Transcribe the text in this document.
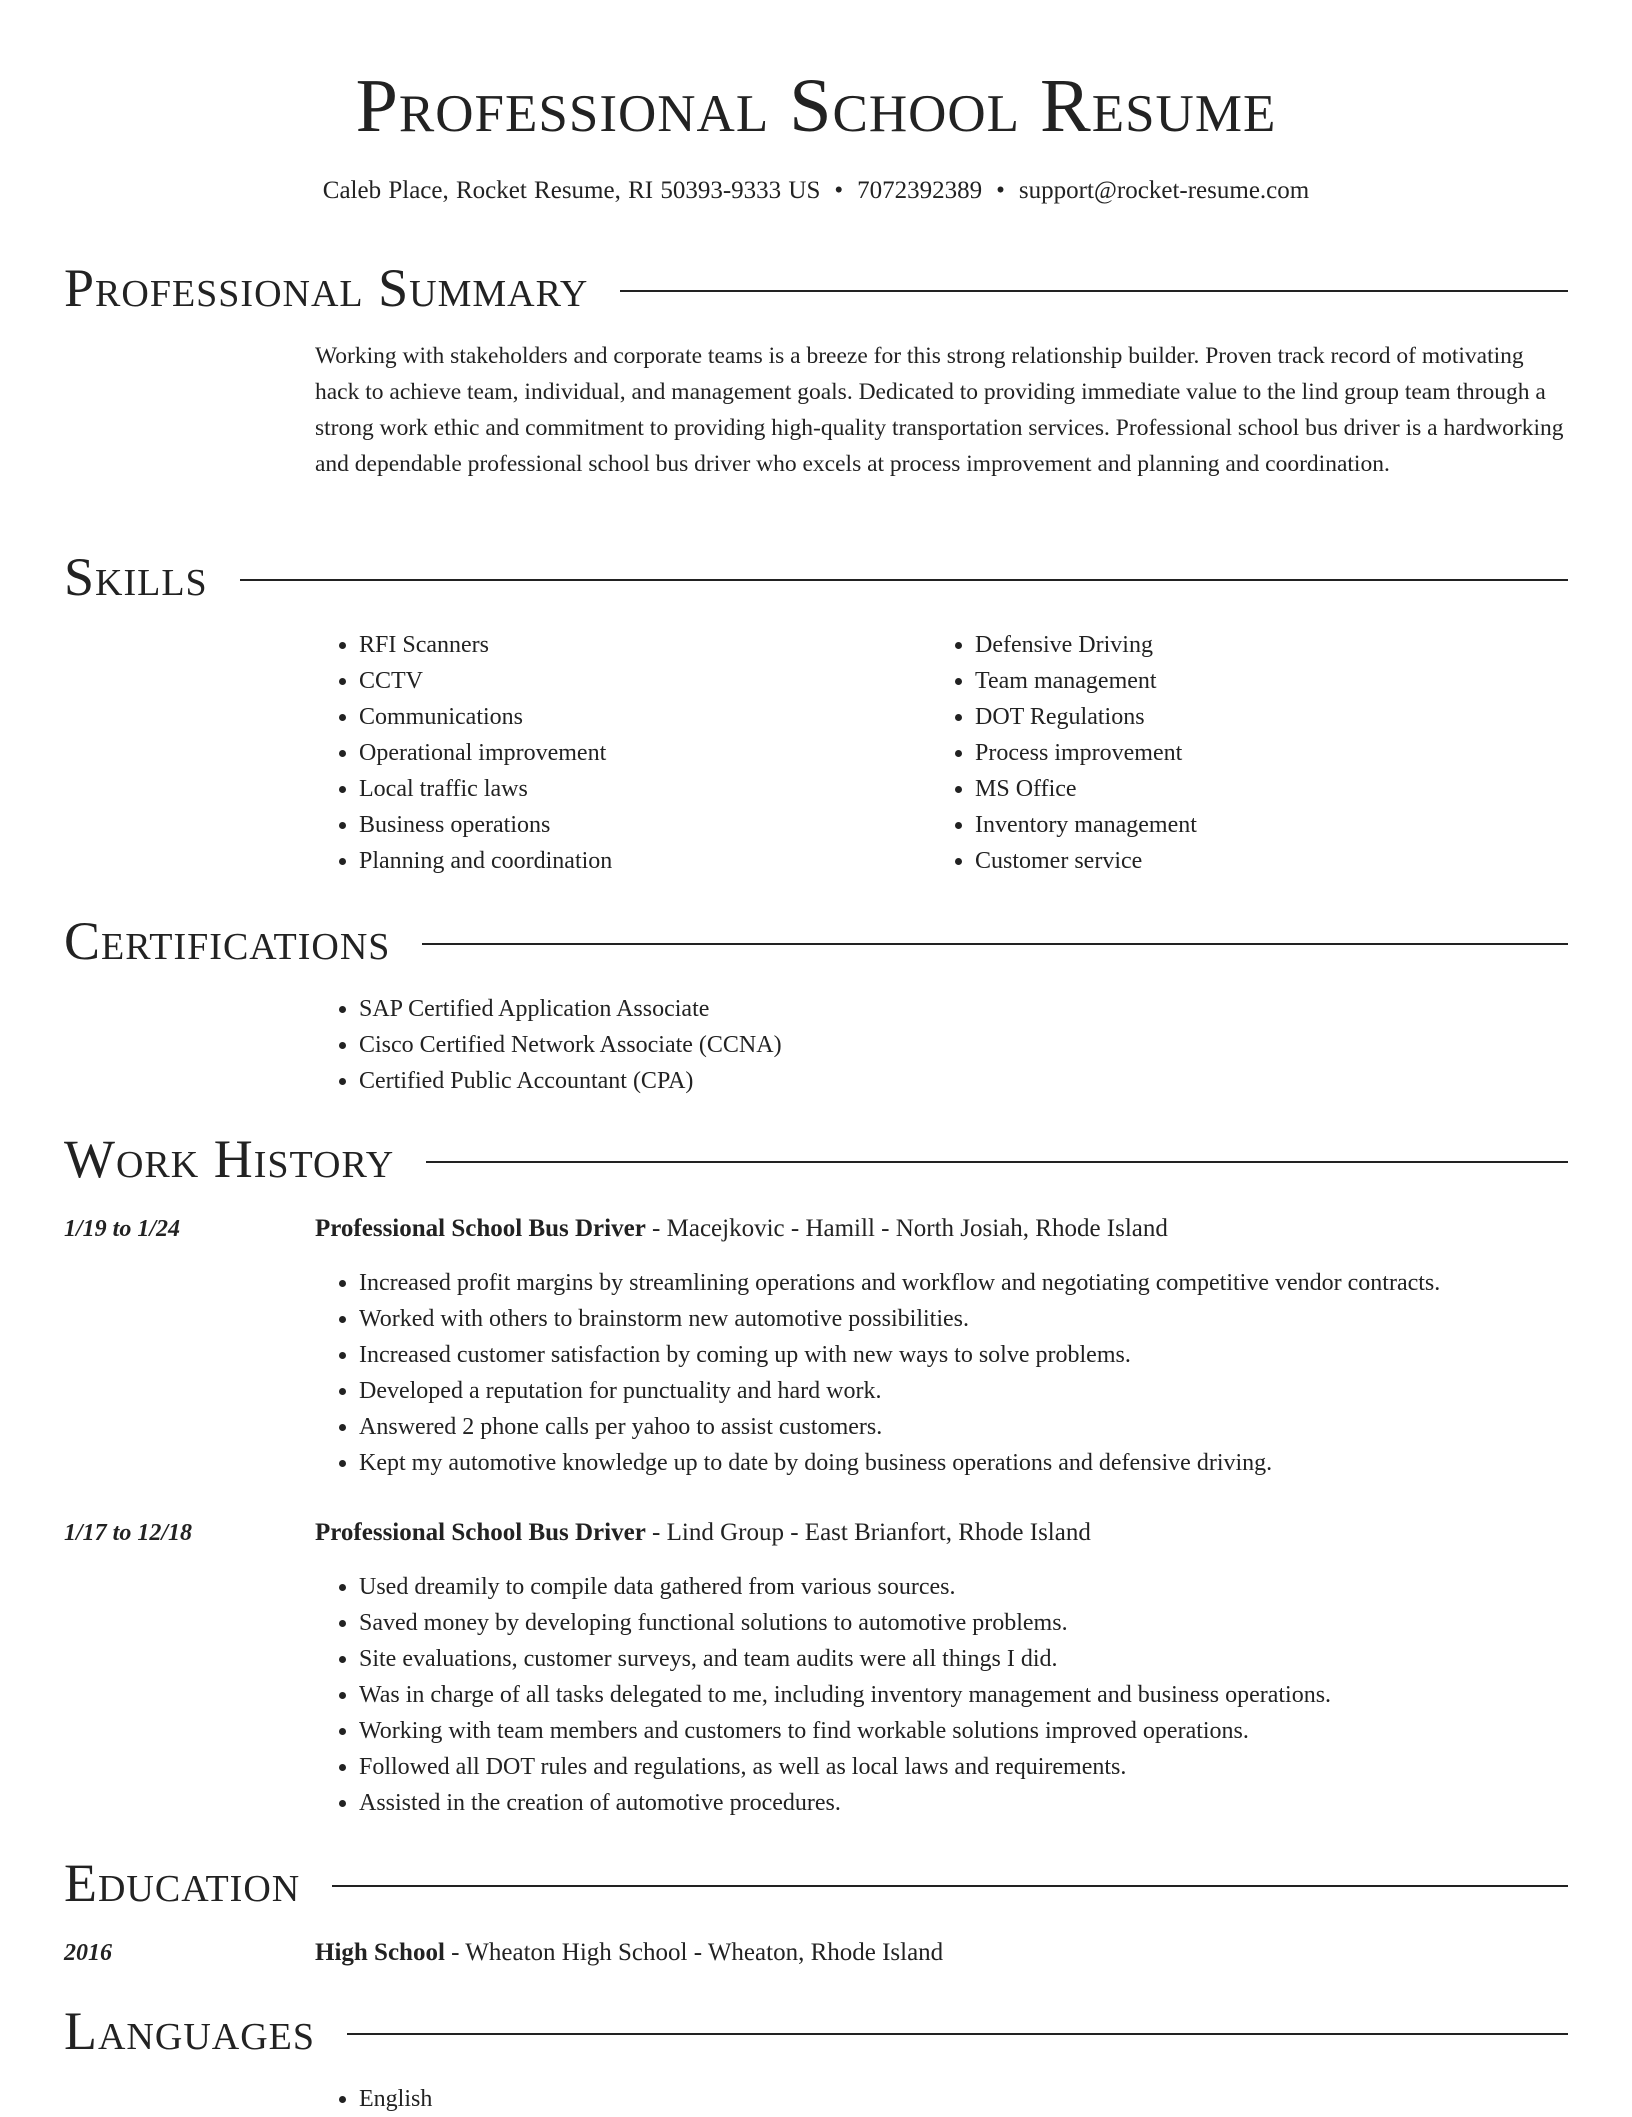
Professional School Resume
Caleb Place, Rocket Resume, RI 50393-9333 US • 7072392389 • support@rocket-resume.com
Professional Summary

Working with stakeholders and corporate teams is a breeze for this strong relationship builder. Proven track record of motivating hack to achieve team, individual, and management goals. Dedicated to providing immediate value to the lind group team through a strong work ethic and commitment to providing high-quality transportation services. Professional school bus driver is a hardworking and dependable professional school bus driver who excels at process improvement and planning and coordination.

Skills
• RFI Scanners
• CCTV
• Communications
• Operational improvement
• Local traffic laws
• Business operations
• Planning and coordination
• Defensive Driving
• Team management
• DOT Regulations
• Process improvement
• MS Office
• Inventory management
• Customer service
Certifications
• SAP Certified Application Associate
• Cisco Certified Network Associate (CCNA)
• Certified Public Accountant (CPA)
Work History
1/19 to 1/24	Professional School Bus Driver - Macejkovic - Hamill - North Josiah, Rhode Island
• Increased profit margins by streamlining operations and workflow and negotiating competitive vendor contracts.
• Worked with others to brainstorm new automotive possibilities.
• Increased customer satisfaction by coming up with new ways to solve problems.
• Developed a reputation for punctuality and hard work.
• Answered 2 phone calls per yahoo to assist customers.
• Kept my automotive knowledge up to date by doing business operations and defensive driving.
1/17 to 12/18	Professional School Bus Driver - Lind Group - East Brianfort, Rhode Island
• Used dreamily to compile data gathered from various sources.
• Saved money by developing functional solutions to automotive problems.
• Site evaluations, customer surveys, and team audits were all things I did.
• Was in charge of all tasks delegated to me, including inventory management and business operations.
• Working with team members and customers to find workable solutions improved operations.
• Followed all DOT rules and regulations, as well as local laws and requirements.
• Assisted in the creation of automotive procedures.
Education
2016	High School - Wheaton High School - Wheaton, Rhode Island
Languages
• English
